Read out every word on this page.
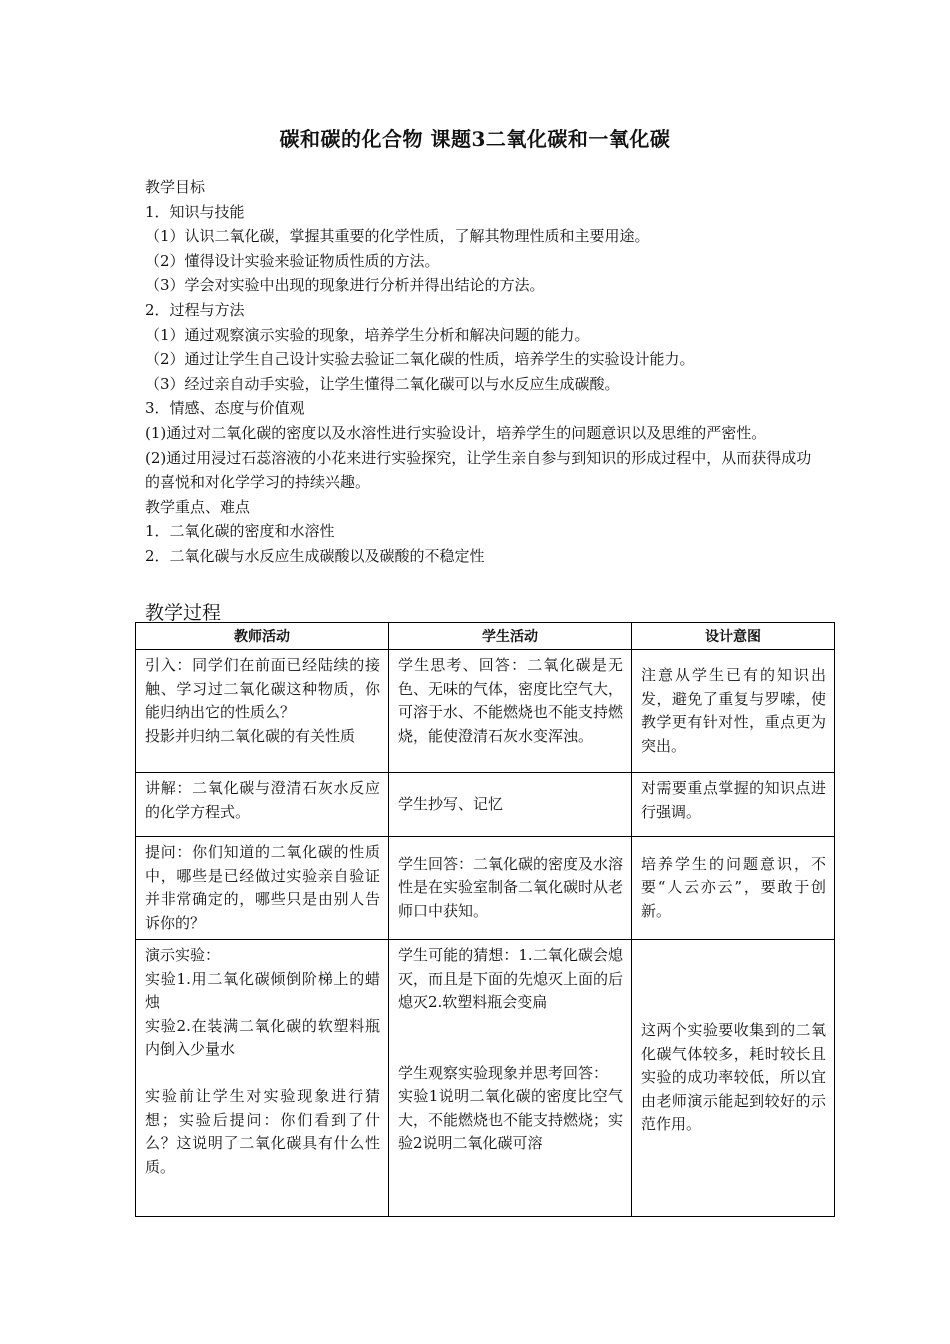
碳和碳的化合物 课题3二氧化碳和一氧化碳
教学目标
1．知识与技能
（1）认识二氧化碳，掌握其重要的化学性质，了解其物理性质和主要用途。
（2）懂得设计实验来验证物质性质的方法。
（3）学会对实验中出现的现象进行分析并得出结论的方法。
2．过程与方法
（1）通过观察演示实验的现象，培养学生分析和解决问题的能力。
（2）通过让学生自己设计实验去验证二氧化碳的性质，培养学生的实验设计能力。
（3）经过亲自动手实验，让学生懂得二氧化碳可以与水反应生成碳酸。
3．情感、态度与价值观
(1)通过对二氧化碳的密度以及水溶性进行实验设计，培养学生的问题意识以及思维的严密性。
(2)通过用浸过石蕊溶液的小花来进行实验探究，让学生亲自参与到知识的形成过程中，从而获得成功的喜悦和对化学学习的持续兴趣。
教学重点、难点
1．二氧化碳的密度和水溶性
2．二氧化碳与水反应生成碳酸以及碳酸的不稳定性
教学过程
教师活动	学生活动	设计意图

引入：同学们在前面已经陆续的接触、学习过二氧化碳这种物质，你能归纳出它的性质么？
投影并归纳二氧化碳的有关性质	学生思考、回答：二氧化碳是无色、无味的气体，密度比空气大，可溶于水、不能燃烧也不能支持燃烧，能使澄清石灰水变浑浊。	注意从学生已有的知识出发，避免了重复与罗嗦，使教学更有针对性，重点更为突出。

讲解：二氧化碳与澄清石灰水反应的化学方程式。	学生抄写、记忆	对需要重点掌握的知识点进行强调。

提问：你们知道的二氧化碳的性质中，哪些是已经做过实验亲自验证并非常确定的，哪些只是由别人告诉你的？	学生回答：二氧化碳的密度及水溶性是在实验室制备二氧化碳时从老师口中获知。	培养学生的问题意识，不要“人云亦云”，要敢于创新。

演示实验：
实验1.用二氧化碳倾倒阶梯上的蜡烛
实验2.在装满二氧化碳的软塑料瓶内倒入少量水
实验前让学生对实验现象进行猜想；实验后提问：你们看到了什么？这说明了二氧化碳具有什么性质。	学生可能的猜想：1.二氧化碳会熄灭，而且是下面的先熄灭上面的后熄灭2.软塑料瓶会变扁
学生观察实验现象并思考回答：
实验1说明二氧化碳的密度比空气大，不能燃烧也不能支持燃烧；实验2说明二氧化碳可溶	这两个实验要收集到的二氧化碳气体较多，耗时较长且实验的成功率较低，所以宜由老师演示能起到较好的示范作用。
